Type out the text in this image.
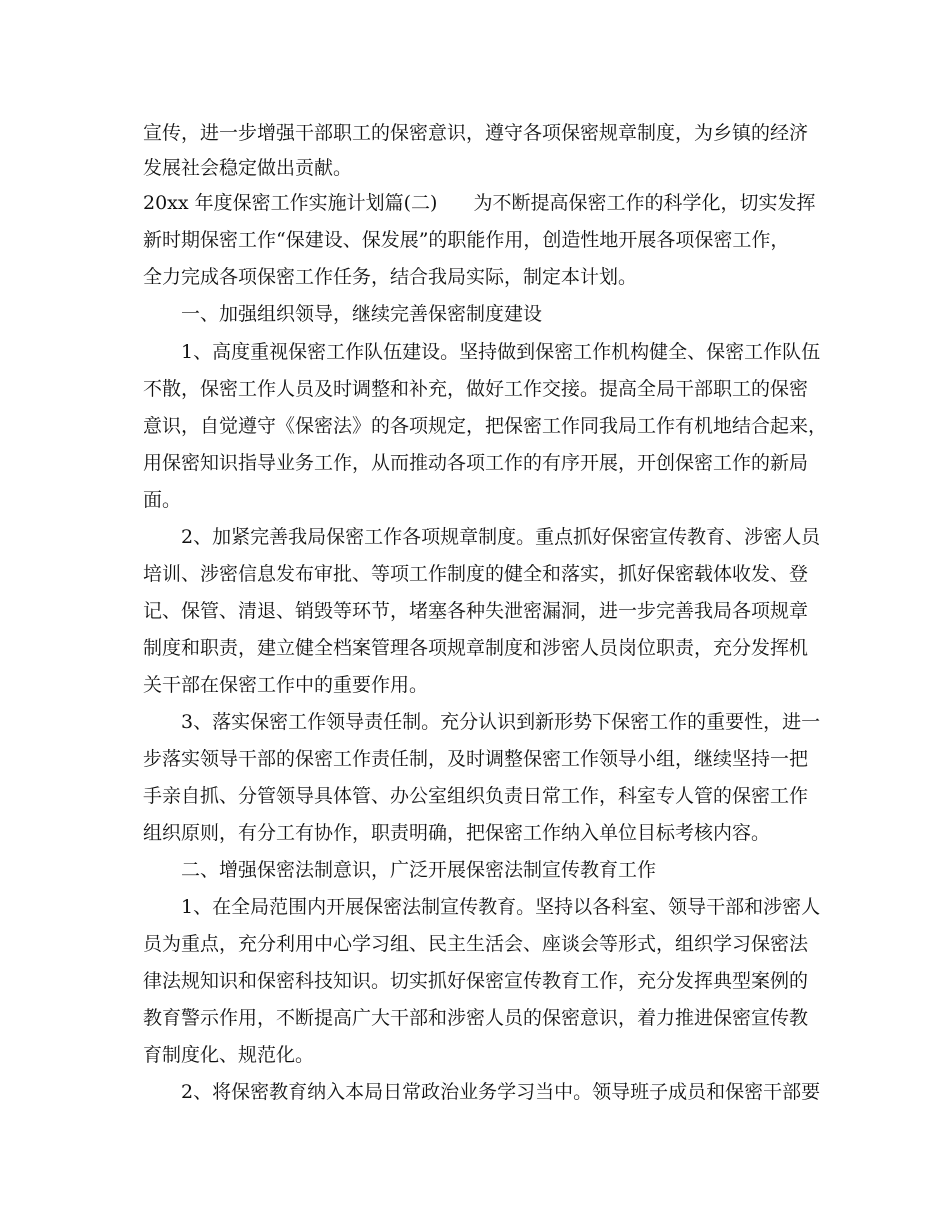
宣传，进一步增强干部职工的保密意识，遵守各项保密规章制度，为乡镇的经济

发展社会稳定做出贡献。

20xx 年度保密工作实施计划篇(二) 为不断提高保密工作的科学化，切实发挥

新时期保密工作“保建设、保发展”的职能作用，创造性地开展各项保密工作，

全力完成各项保密工作任务，结合我局实际，制定本计划。

一、加强组织领导，继续完善保密制度建设

1、高度重视保密工作队伍建设。坚持做到保密工作机构健全、保密工作队伍

不散，保密工作人员及时调整和补充，做好工作交接。提高全局干部职工的保密

意识，自觉遵守《保密法》的各项规定，把保密工作同我局工作有机地结合起来，

用保密知识指导业务工作，从而推动各项工作的有序开展，开创保密工作的新局

面。

2、加紧完善我局保密工作各项规章制度。重点抓好保密宣传教育、涉密人员

培训、涉密信息发布审批、等项工作制度的健全和落实，抓好保密载体收发、登

记、保管、清退、销毁等环节，堵塞各种失泄密漏洞，进一步完善我局各项规章

制度和职责，建立健全档案管理各项规章制度和涉密人员岗位职责，充分发挥机

关干部在保密工作中的重要作用。

3、落实保密工作领导责任制。充分认识到新形势下保密工作的重要性，进一

步落实领导干部的保密工作责任制，及时调整保密工作领导小组，继续坚持一把

手亲自抓、分管领导具体管、办公室组织负责日常工作，科室专人管的保密工作

组织原则，有分工有协作，职责明确，把保密工作纳入单位目标考核内容。

二、增强保密法制意识，广泛开展保密法制宣传教育工作

1、在全局范围内开展保密法制宣传教育。坚持以各科室、领导干部和涉密人

员为重点，充分利用中心学习组、民主生活会、座谈会等形式，组织学习保密法

律法规知识和保密科技知识。切实抓好保密宣传教育工作，充分发挥典型案例的

教育警示作用，不断提高广大干部和涉密人员的保密意识，着力推进保密宣传教

育制度化、规范化。

2、将保密教育纳入本局日常政治业务学习当中。领导班子成员和保密干部要
